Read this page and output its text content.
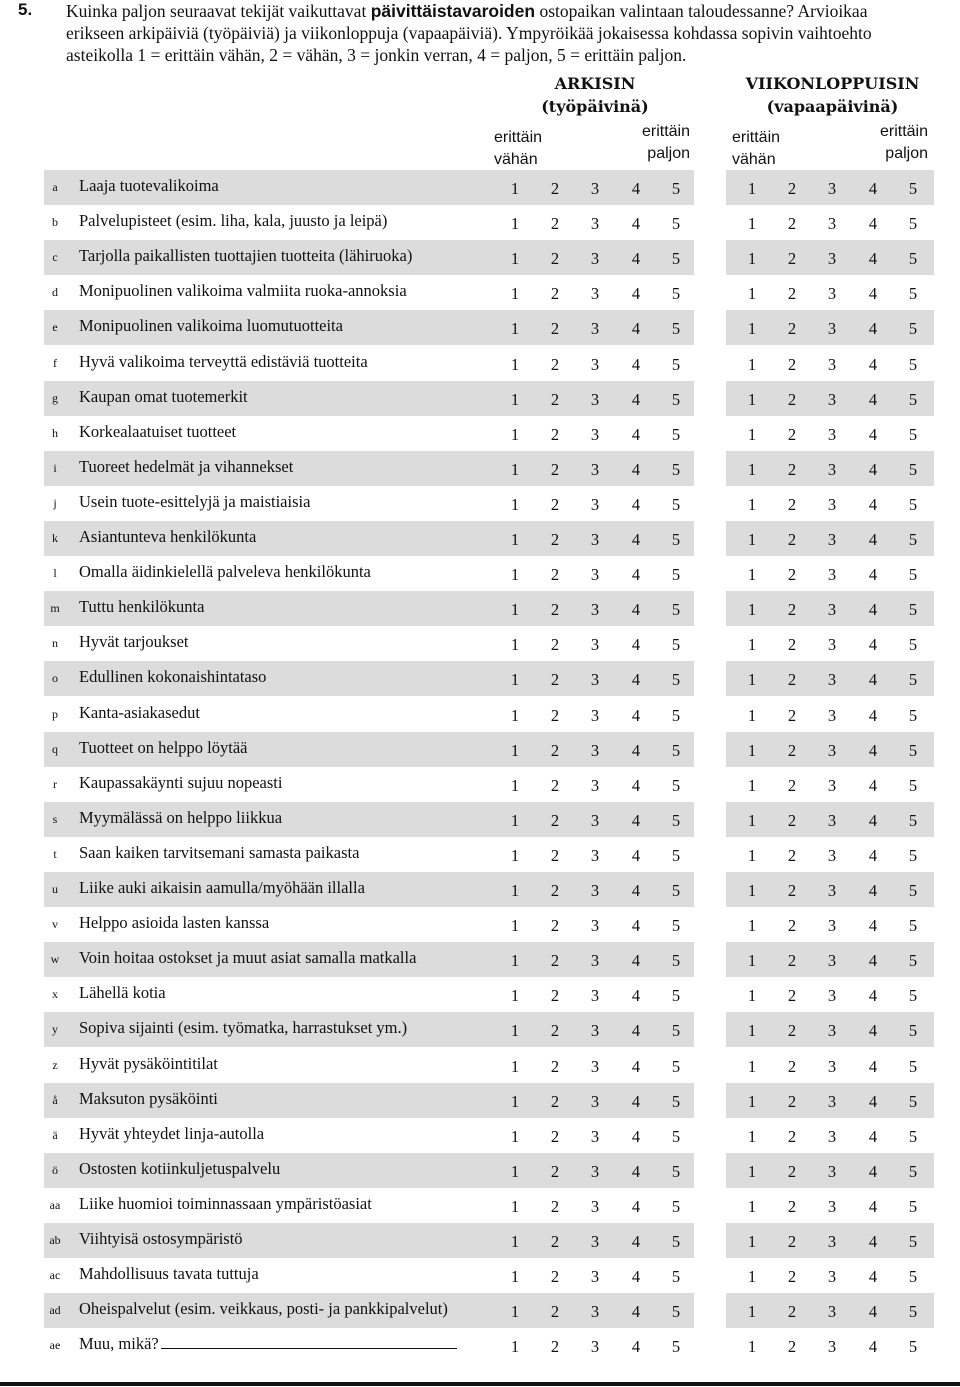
5. Kuinka paljon seuraavat tekijät vaikuttavat päivittäistavaroiden ostopaikan valintaan taloudessanne? Arvioikaa
erikseen arkipäiviä (työpäiviä) ja viikonloppuja (vapaapäiviä). Ympyröikää jokaisessa kohdassa sopivin vaihtoehto
asteikolla 1 = erittäin vähän, 2 = vähän, 3 = jonkin verran, 4 = paljon, 5 = erittäin paljon.
ARKISIN
(työpäivinä)
erittäin
vähän
erittäin
paljon
VIIKONLOPPUISIN
(vapaapäivinä)
erittäin
vähän
erittäin
paljon
a	Laaja tuotevalikoima	1 2 3 4 5	1 2 3 4 5
b	Palvelupisteet (esim. liha, kala, juusto ja leipä)	1 2 3 4 5	1 2 3 4 5
c	Tarjolla paikallisten tuottajien tuotteita (lähiruoka)	1 2 3 4 5	1 2 3 4 5
d	Monipuolinen valikoima valmiita ruoka-annoksia	1 2 3 4 5	1 2 3 4 5
e	Monipuolinen valikoima luomutuotteita	1 2 3 4 5	1 2 3 4 5
f	Hyvä valikoima terveyttä edistäviä tuotteita	1 2 3 4 5	1 2 3 4 5
g	Kaupan omat tuotemerkit	1 2 3 4 5	1 2 3 4 5
h	Korkealaatuiset tuotteet	1 2 3 4 5	1 2 3 4 5
i	Tuoreet hedelmät ja vihannekset	1 2 3 4 5	1 2 3 4 5
j	Usein tuote-esittelyjä ja maistiaisia	1 2 3 4 5	1 2 3 4 5
k	Asiantunteva henkilökunta	1 2 3 4 5	1 2 3 4 5
l	Omalla äidinkielellä palveleva henkilökunta	1 2 3 4 5	1 2 3 4 5
m	Tuttu henkilökunta	1 2 3 4 5	1 2 3 4 5
n	Hyvät tarjoukset	1 2 3 4 5	1 2 3 4 5
o	Edullinen kokonaishintataso	1 2 3 4 5	1 2 3 4 5
p	Kanta-asiakasedut	1 2 3 4 5	1 2 3 4 5
q	Tuotteet on helppo löytää	1 2 3 4 5	1 2 3 4 5
r	Kaupassakäynti sujuu nopeasti	1 2 3 4 5	1 2 3 4 5
s	Myymälässä on helppo liikkua	1 2 3 4 5	1 2 3 4 5
t	Saan kaiken tarvitsemani samasta paikasta	1 2 3 4 5	1 2 3 4 5
u	Liike auki aikaisin aamulla/myöhään illalla	1 2 3 4 5	1 2 3 4 5
v	Helppo asioida lasten kanssa	1 2 3 4 5	1 2 3 4 5
w	Voin hoitaa ostokset ja muut asiat samalla matkalla	1 2 3 4 5	1 2 3 4 5
x	Lähellä kotia	1 2 3 4 5	1 2 3 4 5
y	Sopiva sijainti (esim. työmatka, harrastukset ym.)	1 2 3 4 5	1 2 3 4 5
z	Hyvät pysäköintitilat	1 2 3 4 5	1 2 3 4 5
å	Maksuton pysäköinti	1 2 3 4 5	1 2 3 4 5
ä	Hyvät yhteydet linja-autolla	1 2 3 4 5	1 2 3 4 5
ö	Ostosten kotiinkuljetuspalvelu	1 2 3 4 5	1 2 3 4 5
aa	Liike huomioi toiminnassaan ympäristöasiat	1 2 3 4 5	1 2 3 4 5
ab	Viihtyisä ostosympäristö	1 2 3 4 5	1 2 3 4 5
ac	Mahdollisuus tavata tuttuja	1 2 3 4 5	1 2 3 4 5
ad	Oheispalvelut (esim. veikkaus, posti- ja pankkipalvelut)	1 2 3 4 5	1 2 3 4 5
ae	Muu, mikä?	1 2 3 4 5	1 2 3 4 5
